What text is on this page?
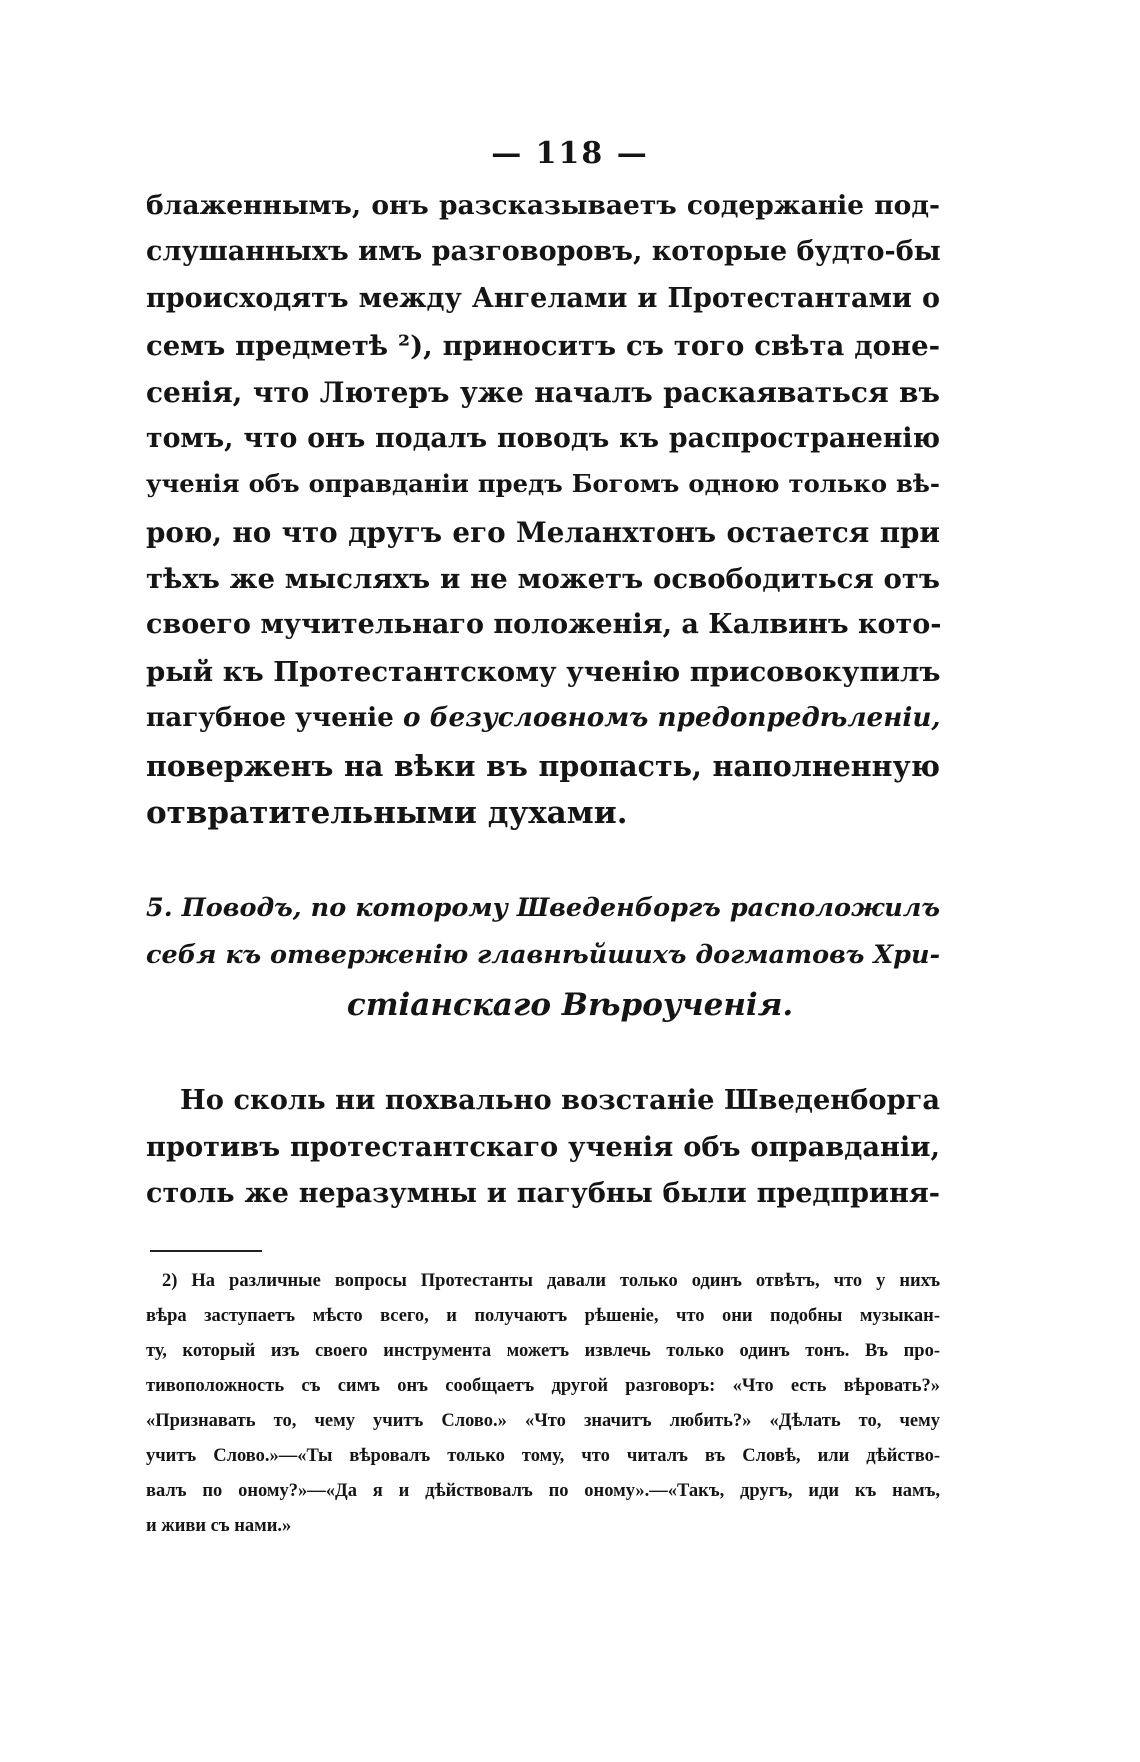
— 118 —
блаженнымъ, онъ разсказываетъ содержаніе под-
слушанныхъ имъ разговоровъ, которые будто-бы
происходятъ между Ангелами и Протестантами о
семъ предметѣ ²), приноситъ съ того свѣта доне-
сенія, что Лютеръ уже началъ раскаяваться въ
томъ, что онъ подалъ поводъ къ распространенію
ученія объ оправданіи предъ Богомъ одною только вѣ-
рою, но что другъ его Меланхтонъ остается при
тѣхъ же мысляхъ и не можетъ освободиться отъ
своего мучительнаго положенія, а Калвинъ кото-
рый къ Протестантскому ученію присовокупилъ
пагубное ученіе о безусловномъ предопредѣленіи,
поверженъ на вѣки въ пропасть, наполненную
отвратительными духами.
5. Поводъ, по которому Шведенборгъ расположилъ
себя къ отверженію главнѣйшихъ догматовъ Хри-
стіанскаго Вѣроученія.
Но сколь ни похвально возстаніе Шведенборга
противъ протестантскаго ученія объ оправданіи,
столь же неразумны и пагубны были предприня-
2) На различные вопросы Протестанты давали только одинъ отвѣтъ, что у нихъ
вѣра заступаетъ мѣсто всего, и получаютъ рѣшеніе, что они подобны музыкан-
ту, который изъ своего инструмента можетъ извлечь только одинъ тонъ. Въ про-
тивоположность съ симъ онъ сообщаетъ другой разговоръ: «Что есть вѣровать?»
«Признавать то, чему учитъ Слово.» «Что значитъ любить?» «Дѣлать то, чему
учитъ Слово.»—«Ты вѣровалъ только тому, что читалъ въ Словѣ, или дѣйство-
валъ по оному?»—«Да я и дѣйствовалъ по оному».—«Такъ, другъ, иди къ намъ,
и живи съ нами.»
